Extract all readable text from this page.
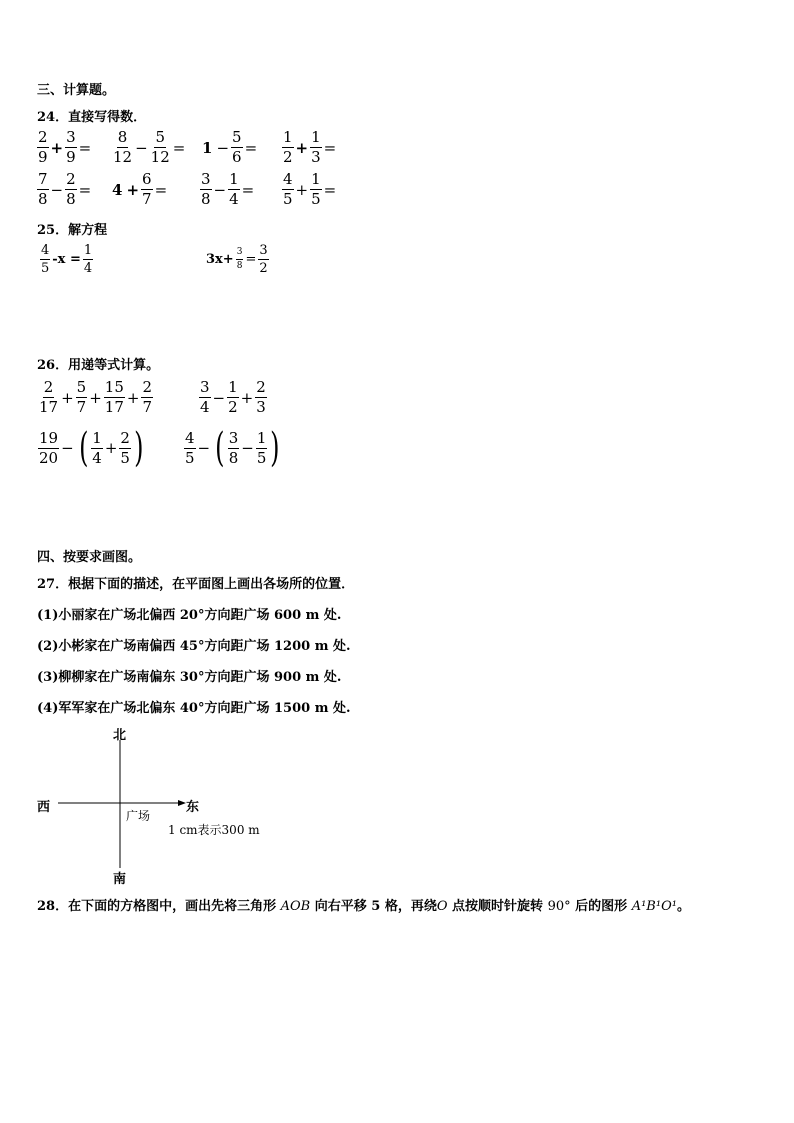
三、计算题。
24．直接写得数．
$\frac{2}{9} + \frac{3}{9} = \frac{8}{12} - \frac{5}{12} = 1 - \frac{5}{6} = \frac{1}{2} + \frac{1}{3}$ =
$\frac{7}{8} - \frac{2}{8} = 4 + \frac{6}{7} = \frac{3}{8} - \frac{1}{4} = \frac{4}{5} + \frac{1}{5}$ =
25．解方程
$\frac{4}{5} -x = \frac{1}{4}$	$3x+ \frac{3}{8} = \frac{3}{2}$
26．用递等式计算。
$\frac{2}{17} + \frac{5}{7} + \frac{15}{17} + \frac{2}{7}$	$\frac{3}{4} - \frac{1}{2} + \frac{2}{3}$
$\frac{19}{20}$ − ( $\frac{1}{4} + \frac{2}{5}$ )	$\frac{4}{5}$ − ( $\frac{3}{8} - \frac{1}{5}$ )
四、按要求画图。
27．根据下面的描述，在平面图上画出各场所的位置．
(1)小丽家在广场北偏西 20°方向距广场 600 m 处.
(2)小彬家在广场南偏西 45°方向距广场 1200 m 处.
(3)柳柳家在广场南偏东 30°方向距广场 900 m 处.
(4)军军家在广场北偏东 40°方向距广场 1500 m 处.
北
南
西	东
广场
1 cm表示300 m
28．在下面的方格图中，画出先将三角形 AOB 向右平移 5 格，再绕O 点按顺时针旋转 90° 后的图形 A¹B¹O¹。
